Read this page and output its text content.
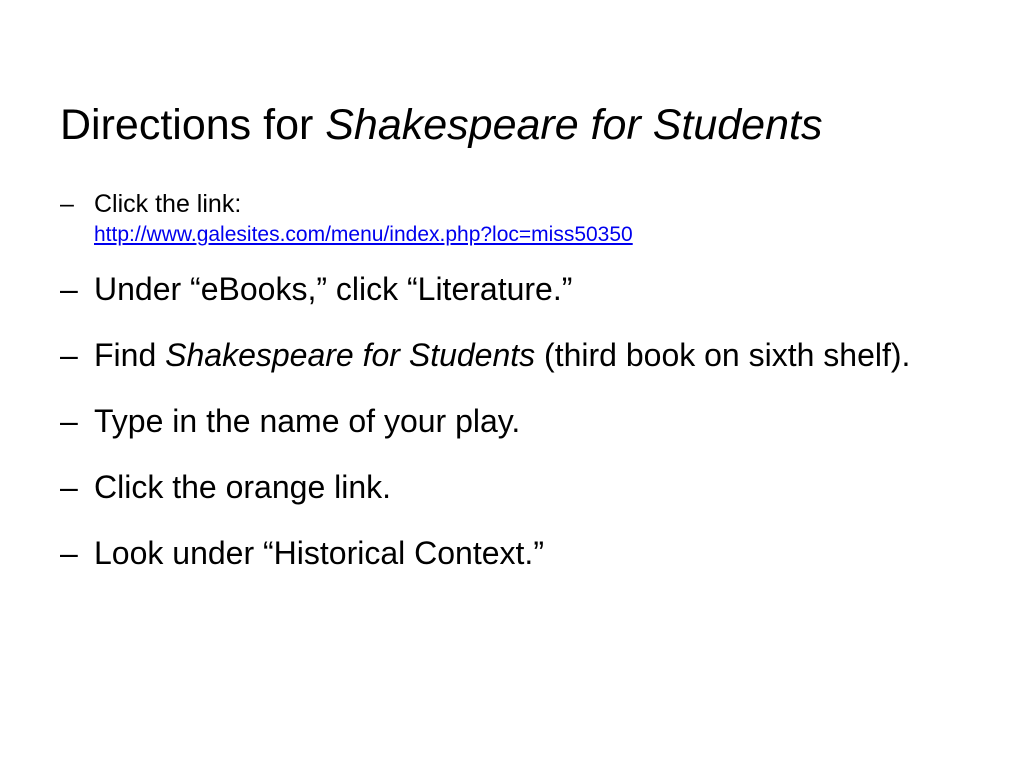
Directions for Shakespeare for Students
– Click the link:
http://www.galesites.com/menu/index.php?loc=miss50350
– Under “eBooks,” click “Literature.”
– Find Shakespeare for Students (third book on sixth shelf).
– Type in the name of your play.
– Click the orange link.
– Look under “Historical Context.”
